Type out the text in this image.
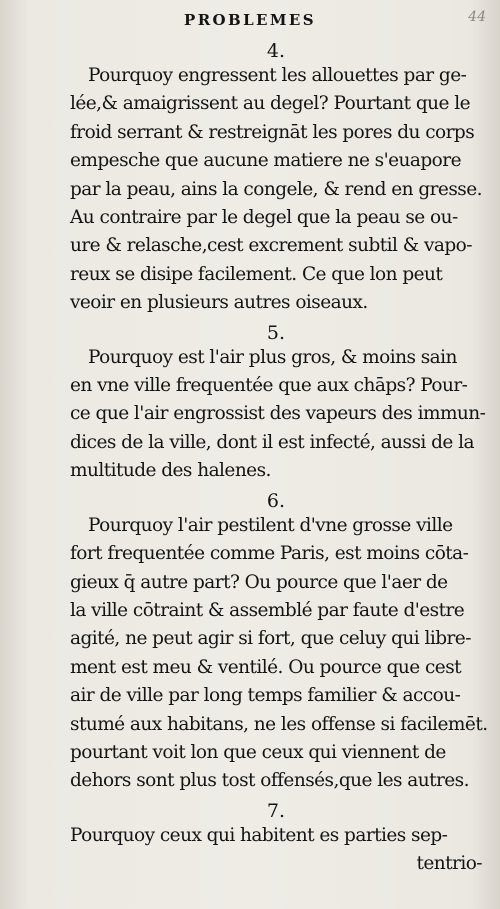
PROBLEMES	44
4.
Pourquoy engressent les allouettes par ge-
lée,& amaigrissent au degel? Pourtant que le
froid serrant & restreignāt les pores du corps
empesche que aucune matiere ne s'euapore
par la peau, ains la congele, & rend en gresse.
Au contraire par le degel que la peau se ou-
ure & relasche,cest excrement subtil & vapo-
reux se disipe facilement. Ce que lon peut
veoir en plusieurs autres oiseaux.
5.
Pourquoy est l'air plus gros, & moins sain
en vne ville frequentée que aux chāps? Pour-
ce que l'air engrossist des vapeurs des immun-
dices de la ville, dont il est infecté, aussi de la
multitude des halenes.
6.
Pourquoy l'air pestilent d'vne grosse ville
fort frequentée comme Paris, est moins cōta-
gieux q̄ autre part? Ou pource que l'aer de
la ville cōtraint & assemblé par faute d'estre
agité, ne peut agir si fort, que celuy qui libre-
ment est meu & ventilé. Ou pource que cest
air de ville par long temps familier & accou-
stumé aux habitans, ne les offense si facilemēt.
pourtant voit lon que ceux qui viennent de
dehors sont plus tost offensés,que les autres.
7.
Pourquoy ceux qui habitent es parties sep-
tentrio-
